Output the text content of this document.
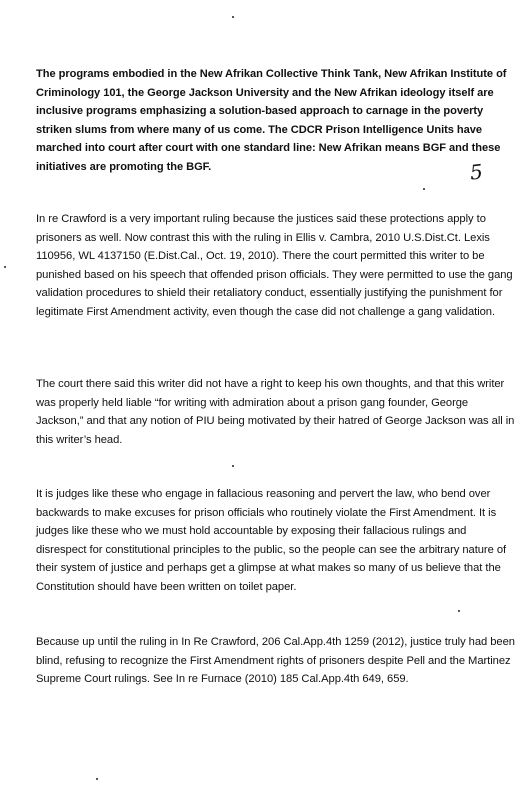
The programs embodied in the New Afrikan Collective Think Tank, New Afrikan Institute of Criminology 101, the George Jackson University and the New Afrikan ideology itself are inclusive programs emphasizing a solution-based approach to carnage in the poverty striken slums from where many of us come. The CDCR Prison Intelligence Units have marched into court after court with one standard line: New Afrikan means BGF and these initiatives are promoting the BGF.	5

In re Crawford is a very important ruling because the justices said these protections apply to prisoners as well. Now contrast this with the ruling in Ellis v. Cambra, 2010 U.S.Dist.Ct. Lexis 110956, WL 4137150 (E.Dist.Cal., Oct. 19, 2010). There the court permitted this writer to be punished based on his speech that offended prison officials. They were permitted to use the gang validation procedures to shield their retaliatory conduct, essentially justifying the punishment for legitimate First Amendment activity, even though the case did not challenge a gang validation.

The court there said this writer did not have a right to keep his own thoughts, and that this writer was properly held liable “for writing with admiration about a prison gang founder, George Jackson,” and that any notion of PIU being motivated by their hatred of George Jackson was all in this writer’s head.

It is judges like these who engage in fallacious reasoning and pervert the law, who bend over backwards to make excuses for prison officials who routinely violate the First Amendment. It is judges like these who we must hold accountable by exposing their fallacious rulings and disrespect for constitutional principles to the public, so the people can see the arbitrary nature of their system of justice and perhaps get a glimpse at what makes so many of us believe that the Constitution should have been written on toilet paper.

Because up until the ruling in In Re Crawford, 206 Cal.App.4th 1259 (2012), justice truly had been blind, refusing to recognize the First Amendment rights of prisoners despite Pell and the Martinez Supreme Court rulings. See In re Furnace (2010) 185 Cal.App.4th 649, 659.
